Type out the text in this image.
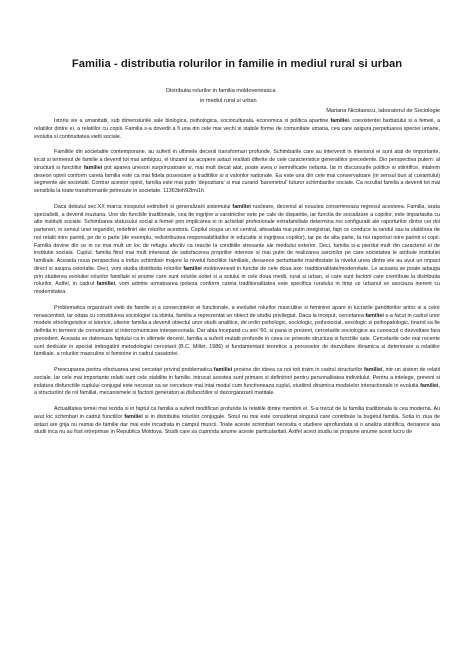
Familia - distributia rolurilor in familie in mediul rural si urban

Distributia rolurilor in familia moldoveneasca

in mediul rural si urban

Mariana Nicolaescu, laboratorul de Sociologie

Istoria vie a umanitatii, sub dimensiunile sale biologica, psihologica, socioculturala, economica si politica apartine familiei, coexistentei barbatului si a femeii, a relatiilor dintre ei, a relatiilor cu copiii. Familia s-a dovedit a fi una din cele mai vechi si stabile forme de comunitate umana, cea care asigura perpetuarea speciei umane, evolutia si continuitatea vietii sociale.

Familiile din societatile contemporane, au suferit in ultimele decenii transformari profunde. Schimbarile care au intervenit in interiorul ei sunt atat de importante, incat si termenul de familie a devenit tot mai ambiguu, el tinzand sa acopere astazi realitati diferite de cele caracteristice generatiilor precedente. Din perspectiva putem: al structurii si functiilor familiei pot aparea unesori surprinzatoare si, mai mult decat atat, poate avea o semnificatie nefasta. Iar in discursurile politice si stiintifice, intalnim deseori opinii conform careia familia este ca mai fidela posesoare a traditiilor si a valorilor nationale. Ea este una din cele mai conservatoare (in sensul bun al cuvantului) segmente ale societatii. Contrar acestor opinii, familia este mai putin 'depozitara' si mai curand 'barometrul' tuturor schimbarilor sociale. Ca rezultat familia a devenit tot mai sensibila la toate transformarile petrecute in societate. 11363toh92lmi1h

Daca debutul sec.XX marca inceputul extinderii si generalizarii sistemului familiei nucleare, deceniul al nouulea consemneaza regresul acesteea. Familia, arata specialistii, a devenit inuziana. Une din functiile traditionale, cea de ingrijire a varstnicilor este pe cale de disparitie, iar functia de socializare a copiilor, este impartasita cu alte institutii sociale. Schimbarea statusului social a femeii prin implicarea ei in activitati profesionale extrafamiliale determina noi configuratii ale raporturilor dintre cei doi parteneri, in sensul unei regandiri, redefiniri ale rolurilor acestora. Copilul ocupa un rol central, alteadata mai putin inregistrat, fapt ce conduce la randul sau la stabilirea de noi relatii intre parinti, pe de o parte (de exemplu, redistribuirea responsabilitatilor in educatie si ingrijirea copiilor), iar pe de alta parte, la noi raporturi intre parinti si copii. Familia devine din ce in ce mai mult un loc de refugiu afectiv ca reactie la conditiile stresante ale mediului exterior. Deci, familia si-a pierdut mult din caracterul ei de institutie sociala. Cuplul, familia fiind mai mult interesat de satisfacerea propriilor interese si mai putin de realizarea sarcinilor pe care societatea le atribuie institutiei familiale. Aceasta noua perspectiva a indus schimbari majore la nivelul functiilor familiale, deoarece perturbarile manifestate la nivelul unea dintre ele au avut un impact direct si asupra celorlalte. Deci, vom studia distributia rolurilor familiei moldovenesti in functie de cele doua axe: traditionalitate/modernitate. Le aceasta se poate adauga prin studierea evolutiei rolurilor familiale si anume care sunt rolurile sotiei si a sotului in cele doua medii, rural si urban, si care sunt factorii care contribuie la distributia rolurilor. Astfel, in cadrul familiei, vom admite urmatoarea ipoteza conform careia traditionalitatea este specifica ruralului in timp ce urbanul se asociaza inerent cu modernitatea.

Problematica organizarii vietii de familie si a consecintelor ei functionale, a evolutiei rolurilor masculine si feminine apare in lucrarile ganditorilor antici si a celor renascentisti, iar odata cu constituirea sociologiei ca stiinta, familia a reprezentat un obiect de studiu privilegiat. Daca la inceput, cercetarea familiei s-a facut in cadrul unor modele etnolingvistice si istorice, ulterior familia a devenit obiectul unor studii analitice, de ordin psihologic, sociologic, psihosocial, sexologic si psihopatologic, tinand sa fie definita in termeni de comunicare si intercomunicare interpersonala. Dar abia incepand cu anii '60, si pana in prezent, cercetarile sociologice au cunoscut o dezvoltare fara precedent. Aceasta se datoreaza faptului ca in ultimele decenii, familia a suferit mutatii profunde in ceea ce priveste structura si functiile sale. Cercetarile cele mai recente sunt dedicate in special imbogatirii metodologiei cercetarii (B.C. Miller, 1986) si fundamentarii teoretice a proceselor de dezvoltare dinamica si deteriorare a relatiilor familiale, a rolurilor masculine si feminine in cadrul casatoriei.

Preocuparea pentru efectuarea unei cercetari privind problematica familiei provine din ideea ca noi toti traim in cadrul structurilor familiei, intr-un sistem de relatii sociale. Iar cele mai importante relatii sunt cele stabilite in familie, intrucat acestea sunt primare si definitorii pentru personalitatea individului. Pentru a intelege, preveni si indatura disfunctiile cuplului conjugal este necesar sa se cerceteze mai intai modul cum functioneaza cuplul, studiind dinamica modelelor interactionale in evolutia familiei, a structurilor de rol familial, mecanismele si factorii generatori ai disfunctiilor si dezorganizarii maritale.

Actualitatea temei mai rezida si in faptul ca familia a suferit modificari profunde la relatiile dintre membrii ei. S-a trecut de la familia traditionala la cea moderna. Au avut loc schimbari in cadrul functiilor familiei si in distributia rolurilor conjugale. Sotul nu mai este considerat singurul care contribuie la bugetul familia. Sotia in ziua de astazi are grija nu numai de familie dar mai este incadrata in campul muncii. Toate aceste schimbari necesita o studiere aprofundata si o analiza stiintifica, deoarece asa studii inca nu au fost intreprinse in Republica Moldova. Studii care sa cuprinda anume aceste particularitati. Astfel acest studiu isi propune anume acest lucru de
